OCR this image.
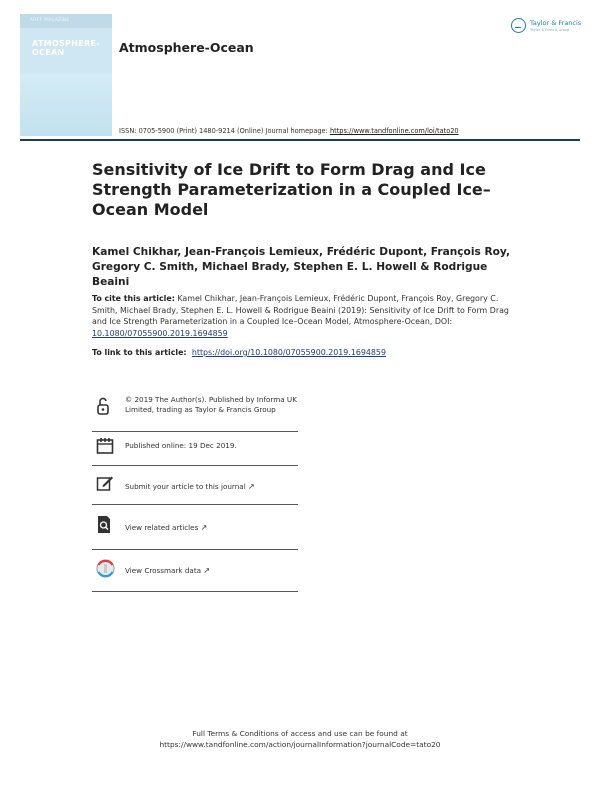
AOFF MAGAZINE
ATMOSPHERE-OCEAN	Atmosphere-Ocean
Taylor & Francis
Taylor & Francis Group
ISSN: 0705-5900 (Print) 1480-9214 (Online) Journal homepage: https://www.tandfonline.com/loi/tato20
Sensitivity of Ice Drift to Form Drag and Ice Strength Parameterization in a Coupled Ice–Ocean Model
Kamel Chikhar, Jean-François Lemieux, Frédéric Dupont, François Roy, Gregory C. Smith, Michael Brady, Stephen E. L. Howell & Rodrigue Beaini
To cite this article: Kamel Chikhar, Jean-François Lemieux, Frédéric Dupont, François Roy, Gregory C. Smith, Michael Brady, Stephen E. L. Howell & Rodrigue Beaini (2019): Sensitivity of Ice Drift to Form Drag and Ice Strength Parameterization in a Coupled Ice–Ocean Model, Atmosphere-Ocean, DOI: 10.1080/07055900.2019.1694859
To link to this article:  https://doi.org/10.1080/07055900.2019.1694859
© 2019 The Author(s). Published by Informa UK Limited, trading as Taylor & Francis Group
Published online: 19 Dec 2019.
Submit your article to this journal ↗
View related articles ↗
View Crossmark data ↗
Full Terms & Conditions of access and use can be found at
https://www.tandfonline.com/action/journalInformation?journalCode=tato20
